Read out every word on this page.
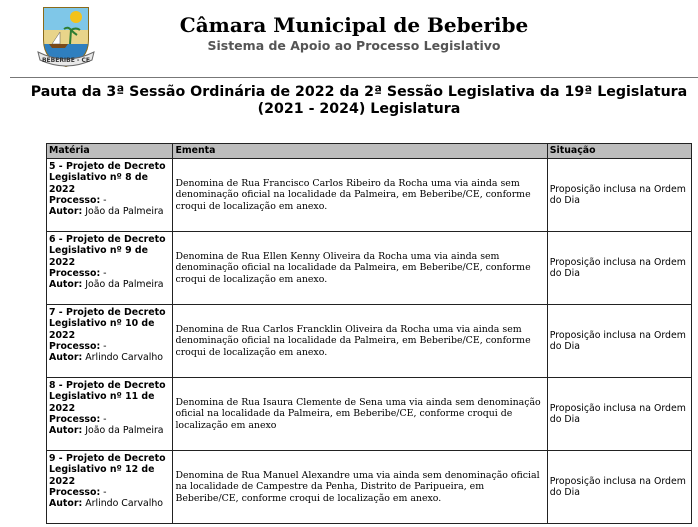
BEBERIBE - CE
Câmara Municipal de Beberibe
Sistema de Apoio ao Processo Legislativo
Pauta da 3ª Sessão Ordinária de 2022 da 2ª Sessão Legislativa da 19ª Legislatura (2021 - 2024) Legislatura
Matéria	Ementa	Situação
5 - Projeto de Decreto Legislativo nº 8 de 2022
Processo: -
Autor: João da Palmeira	Denomina de Rua Francisco Carlos Ribeiro da Rocha uma via ainda sem denominação oficial na localidade da Palmeira, em Beberibe/CE, conforme croqui de localização em anexo.	Proposição inclusa na Ordem do Dia
6 - Projeto de Decreto Legislativo nº 9 de 2022
Processo: -
Autor: João da Palmeira	Denomina de Rua Ellen Kenny Oliveira da Rocha uma via ainda sem denominação oficial na localidade da Palmeira, em Beberibe/CE, conforme croqui de localização em anexo.	Proposição inclusa na Ordem do Dia
7 - Projeto de Decreto Legislativo nº 10 de 2022
Processo: -
Autor: Arlindo Carvalho	Denomina de Rua Carlos Francklin Oliveira da Rocha uma via ainda sem denominação oficial na localidade da Palmeira, em Beberibe/CE, conforme croqui de localização em anexo.	Proposição inclusa na Ordem do Dia
8 - Projeto de Decreto Legislativo nº 11 de 2022
Processo: -
Autor: João da Palmeira	Denomina de Rua Isaura Clemente de Sena uma via ainda sem denominação oficial na localidade da Palmeira, em Beberibe/CE, conforme croqui de localização em anexo	Proposição inclusa na Ordem do Dia
9 - Projeto de Decreto Legislativo nº 12 de 2022
Processo: -
Autor: Arlindo Carvalho	Denomina de Rua Manuel Alexandre uma via ainda sem denominação oficial na localidade de Campestre da Penha, Distrito de Paripueira, em Beberibe/CE, conforme croqui de localização em anexo.	Proposição inclusa na Ordem do Dia
